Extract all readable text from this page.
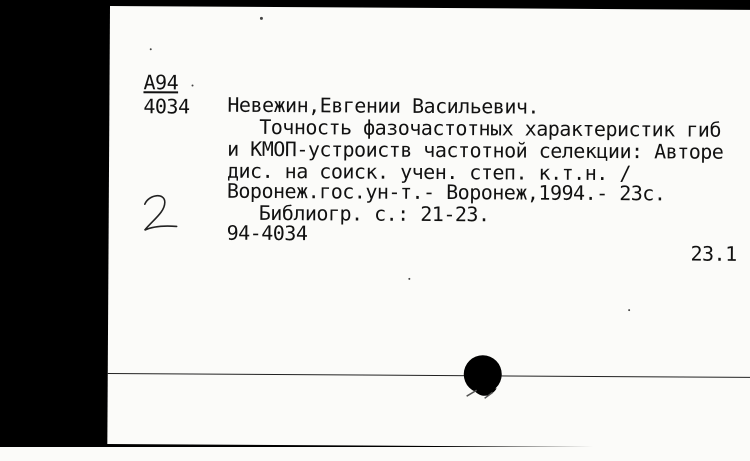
А94
4034 Невежин,Евгении Васильевич.
Точность фазочастотных характеристик гиб
и КМОП-устроиств частотной селекции: Авторе
дис. на соиск. учен. степ. к.т.н. /
Воронеж.гос.ун-т.- Воронеж,1994.- 23с.
Библиогр. с.: 21-23.
94-4034
23.1
